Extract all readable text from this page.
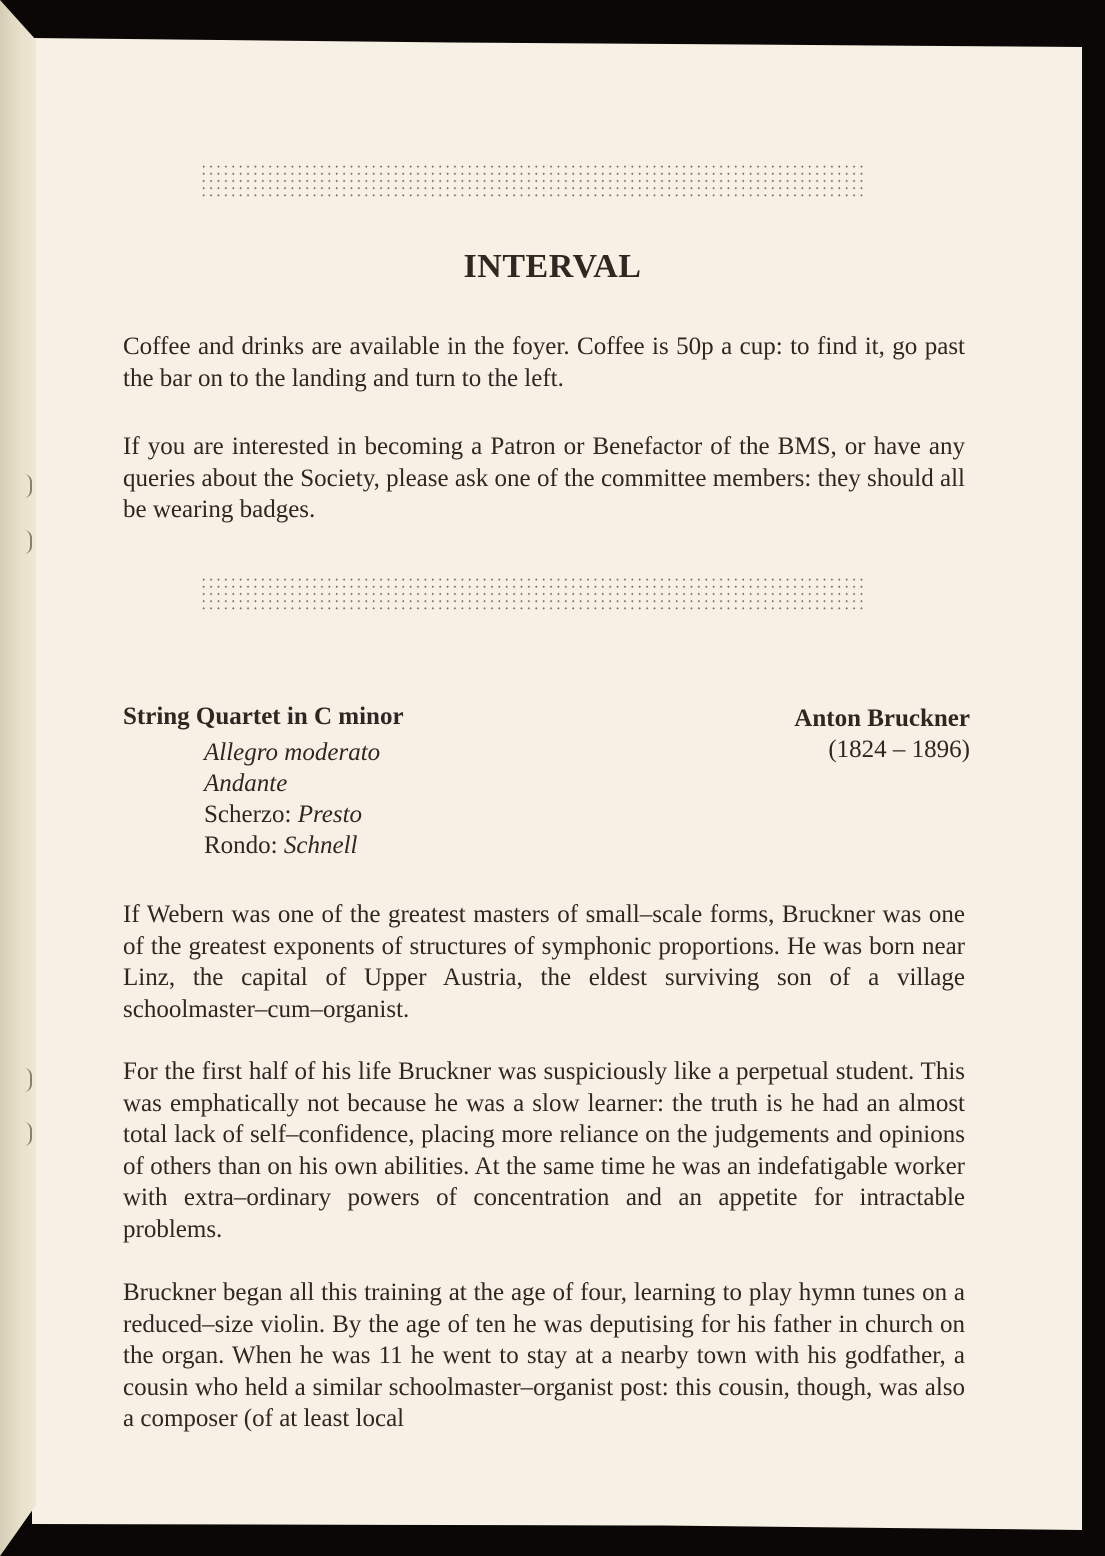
INTERVAL

Coffee and drinks are available in the foyer. Coffee is 50p a cup: to find it, go past the bar on to the landing and turn to the left.

If you are interested in becoming a Patron or Benefactor of the BMS, or have any queries about the Society, please ask one of the committee members: they should all be wearing badges.

String Quartet in C minor	Anton Bruckner
(1824 – 1896)
Allegro moderato
Andante
Scherzo: Presto
Rondo: Schnell

If Webern was one of the greatest masters of small–scale forms, Bruckner was one of the greatest exponents of structures of symphonic proportions. He was born near Linz, the capital of Upper Austria, the eldest surviving son of a village schoolmaster–cum–organist.

For the first half of his life Bruckner was suspiciously like a perpetual student. This was emphatically not because he was a slow learner: the truth is he had an almost total lack of self–confidence, placing more reliance on the judgements and opinions of others than on his own abilities. At the same time he was an indefatigable worker with extra–ordinary powers of concentration and an appetite for intractable problems.

Bruckner began all this training at the age of four, learning to play hymn tunes on a reduced–size violin. By the age of ten he was deputising for his father in church on the organ. When he was 11 he went to stay at a nearby town with his godfather, a cousin who held a similar schoolmaster–organist post: this cousin, though, was also a composer (of at least local
